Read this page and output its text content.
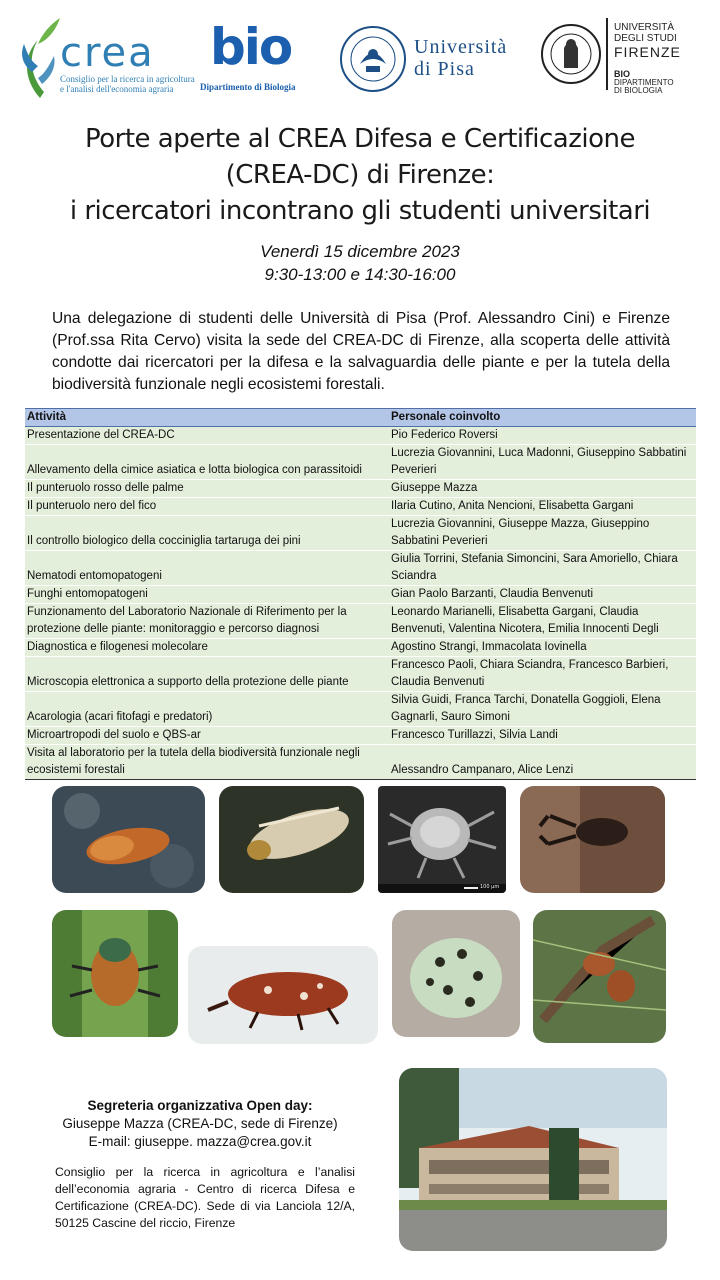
crea
Consiglio per la ricerca in agricoltura e l'analisi dell'economia agraria
bio
Dipartimento di Biologia
Università
di Pisa
UNIVERSITÀ
DEGLI STUDI
FIRENZE
BIO
DIPARTIMENTO
DI BIOLOGIA
Porte aperte al CREA Difesa e Certificazione
(CREA-DC) di Firenze:
i ricercatori incontrano gli studenti universitari
Venerdì 15 dicembre 2023
9:30-13:00 e 14:30-16:00
Una delegazione di studenti delle Università di Pisa (Prof. Alessandro Cini) e Firenze (Prof.ssa Rita Cervo) visita la sede del CREA-DC di Firenze, alla scoperta delle attività condotte dai ricercatori per la difesa e la salvaguardia delle piante e per la tutela della biodiversità funzionale negli ecosistemi forestali.
Attività	Personale coinvolto
Presentazione del CREA-DC	Pio Federico Roversi
Allevamento della cimice asiatica e lotta biologica con parassitoidi	Lucrezia Giovannini, Luca Madonni, Giuseppino Sabbatini Peverieri
Il punteruolo rosso delle palme	Giuseppe Mazza
Il punteruolo nero del fico	Ilaria Cutino, Anita Nencioni, Elisabetta Gargani
Il controllo biologico della cocciniglia tartaruga dei pini	Lucrezia Giovannini, Giuseppe Mazza, Giuseppino Sabbatini Peverieri
Nematodi entomopatogeni	Giulia Torrini, Stefania Simoncini, Sara Amoriello, Chiara Sciandra
Funghi entomopatogeni	Gian Paolo Barzanti, Claudia Benvenuti
Funzionamento del Laboratorio Nazionale di Riferimento per la protezione delle piante: monitoraggio e percorso diagnosi	Leonardo Marianelli, Elisabetta Gargani, Claudia Benvenuti, Valentina Nicotera, Emilia Innocenti Degli
Diagnostica e filogenesi molecolare	Agostino Strangi, Immacolata Iovinella
Microscopia elettronica a supporto della protezione delle piante	Francesco Paoli, Chiara Sciandra, Francesco Barbieri, Claudia Benvenuti
Acarologia (acari fitofagi e predatori)	Silvia Guidi, Franca Tarchi, Donatella Goggioli, Elena Gagnarli, Sauro Simoni
Microartropodi del suolo e QBS-ar	Francesco Turillazzi, Silvia Landi
Visita al laboratorio per la tutela della biodiversità funzionale negli ecosistemi forestali	Alessandro Campanaro, Alice Lenzi
100 µm
Segreteria organizzativa Open day:
Giuseppe Mazza (CREA-DC, sede di Firenze)
E-mail: giuseppe. mazza@crea.gov.it
Consiglio per la ricerca in agricoltura e l’analisi dell’economia agraria - Centro di ricerca Difesa e Certificazione (CREA-DC). Sede di via Lanciola 12/A, 50125 Cascine del riccio, Firenze
